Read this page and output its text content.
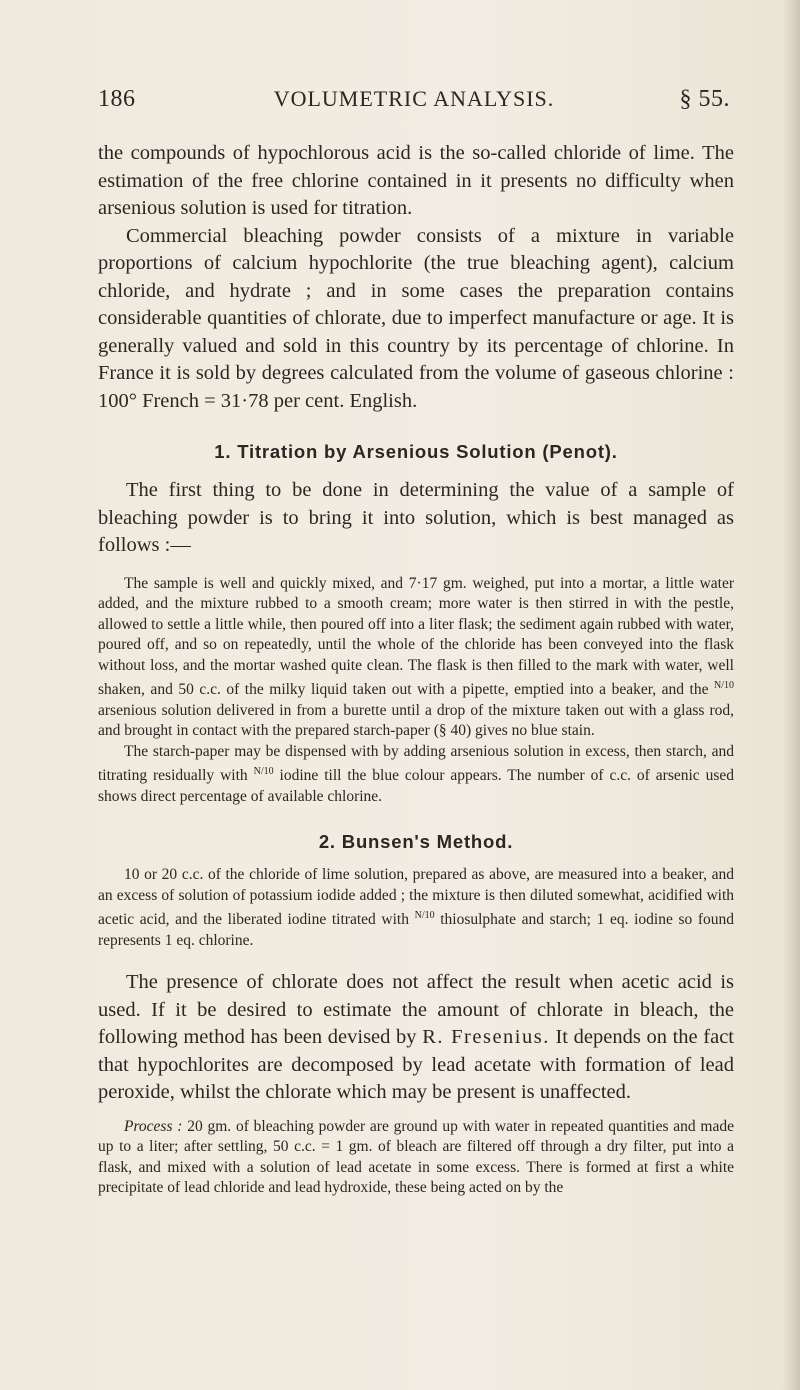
186	VOLUMETRIC ANALYSIS.	§ 55.

the compounds of hypochlorous acid is the so-called chloride of lime. The estimation of the free chlorine contained in it presents no difficulty when arsenious solution is used for titration.

Commercial bleaching powder consists of a mixture in variable proportions of calcium hypochlorite (the true bleaching agent), calcium chloride, and hydrate ; and in some cases the preparation contains considerable quantities of chlorate, due to imperfect manufacture or age. It is generally valued and sold in this country by its percentage of chlorine. In France it is sold by degrees calculated from the volume of gaseous chlorine : 100° French = 31·78 per cent. English.

1. Titration by Arsenious Solution (Penot).

The first thing to be done in determining the value of a sample of bleaching powder is to bring it into solution, which is best managed as follows :—

The sample is well and quickly mixed, and 7·17 gm. weighed, put into a mortar, a little water added, and the mixture rubbed to a smooth cream; more water is then stirred in with the pestle, allowed to settle a little while, then poured off into a liter flask; the sediment again rubbed with water, poured off, and so on repeatedly, until the whole of the chloride has been conveyed into the flask without loss, and the mortar washed quite clean. The flask is then filled to the mark with water, well shaken, and 50 c.c. of the milky liquid taken out with a pipette, emptied into a beaker, and the $^{N/10}$ arsenious solution delivered in from a burette until a drop of the mixture taken out with a glass rod, and brought in contact with the prepared starch-paper (§ 40) gives no blue stain.

The starch-paper may be dispensed with by adding arsenious solution in excess, then starch, and titrating residually with $^{N/10}$ iodine till the blue colour appears. The number of c.c. of arsenic used shows direct percentage of available chlorine.

2. Bunsen's Method.

10 or 20 c.c. of the chloride of lime solution, prepared as above, are measured into a beaker, and an excess of solution of potassium iodide added ; the mixture is then diluted somewhat, acidified with acetic acid, and the liberated iodine titrated with $^{N/10}$ thiosulphate and starch; 1 eq. iodine so found represents 1 eq. chlorine.

The presence of chlorate does not affect the result when acetic acid is used. If it be desired to estimate the amount of chlorate in bleach, the following method has been devised by R. Fresenius. It depends on the fact that hypochlorites are decomposed by lead acetate with formation of lead peroxide, whilst the chlorate which may be present is unaffected.

Process : 20 gm. of bleaching powder are ground up with water in repeated quantities and made up to a liter; after settling, 50 c.c. = 1 gm. of bleach are filtered off through a dry filter, put into a flask, and mixed with a solution of lead acetate in some excess. There is formed at first a white precipitate of lead chloride and lead hydroxide, these being acted on by the
